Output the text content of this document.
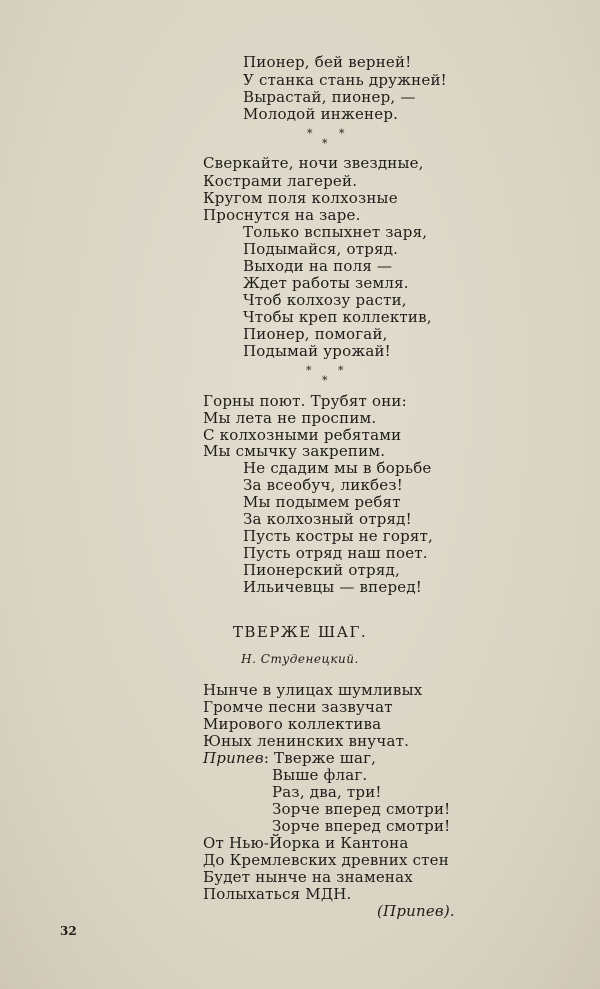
Пионер, бей верней!
У станка стань дружней!
Вырастай, пионер, —
Молодой инженер.
* *
*
Сверкайте, ночи звездные,
Кострами лагерей.
Кругом поля колхозные
Проснутся на заре.
Только вспыхнет заря,
Подымайся, отряд.
Выходи на поля —
Ждет работы земля.
Чтоб колхозу расти,
Чтобы креп коллектив,
Пионер, помогай,
Подымай урожай!
* *
*
Горны поют. Трубят они:
Мы лета не проспим.
С колхозными ребятами
Мы смычку закрепим.
Не сдадим мы в борьбе
За всеобуч, ликбез!
Мы подымем ребят
За колхозный отряд!
Пусть костры не горят,
Пусть отряд наш поет.
Пионерский отряд,
Ильичевцы — вперед!
ТВЕРЖЕ ШАГ.
Н. Студенецкий.
Нынче в улицах шумливых
Громче песни зазвучат
Мирового коллектива
Юных ленинских внучат.
Припев: Тверже шаг,
Выше флаг.
Раз, два, три!
Зорче вперед смотри!
Зорче вперед смотри!
От Нью-Йорка и Кантона
До Кремлевских древних стен
Будет нынче на знаменах
Полыхаться МДН.
(Припев).
32
